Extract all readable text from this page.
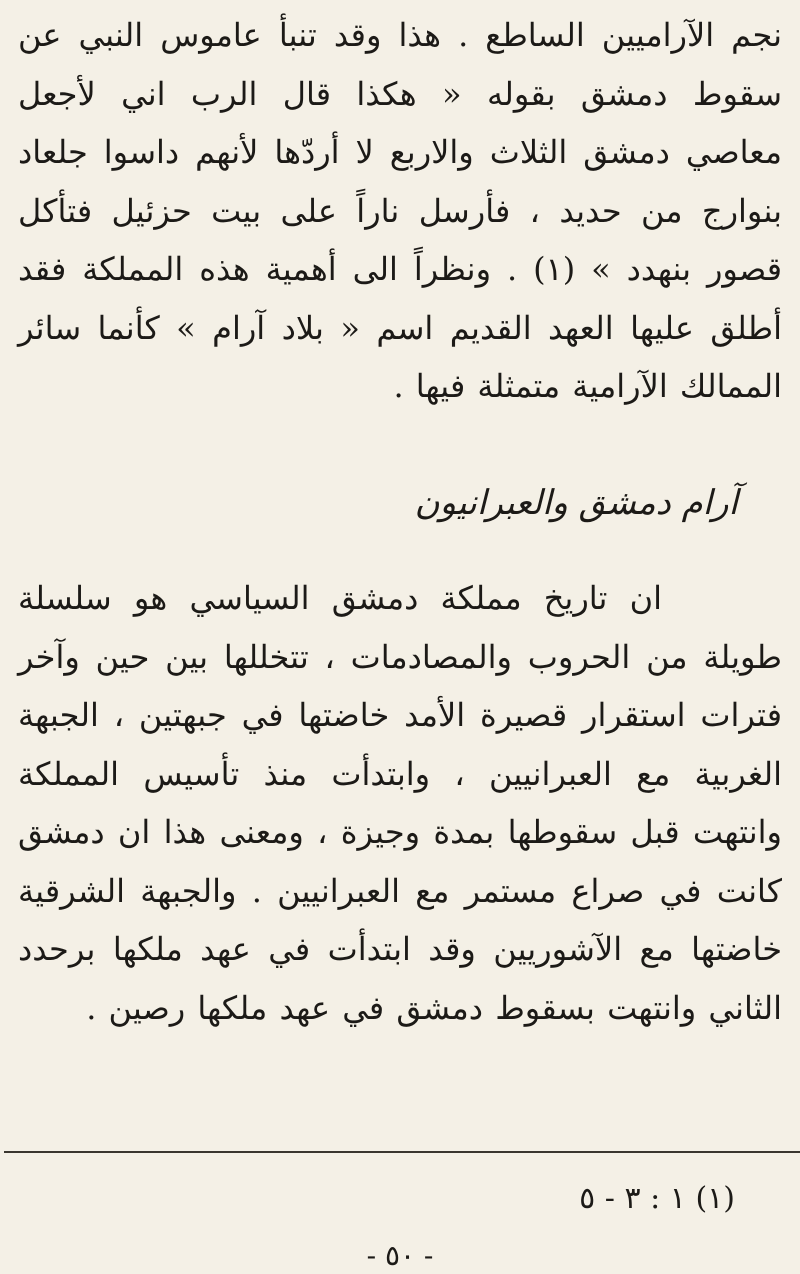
نجم الآراميين الساطع . هذا وقد تنبأ عاموس النبي عن سقوط دمشق بقوله « هكذا قال الرب اني لأجعل معاصي دمشق الثلاث والاربع لا أردّها لأنهم داسوا جلعاد بنوارج من حديد ، فأرسل ناراً على بيت حزئيل فتأكل قصور بنهدد » (١) . ونظراً الى أهمية هذه المملكة فقد أطلق عليها العهد القديم اسم « بلاد آرام » كأنما سائر الممالك الآرامية متمثلة فيها .

آرام دمشق والعبرانيون

ان تاريخ مملكة دمشق السياسي هو سلسلة طويلة من الحروب والمصادمات ، تتخللها بين حين وآخر فترات استقرار قصيرة الأمد خاضتها في جبهتين ، الجبهة الغربية مع العبرانيين ، وابتدأت منذ تأسيس المملكة وانتهت قبل سقوطها بمدة وجيزة ، ومعنى هذا ان دمشق كانت في صراع مستمر مع العبرانيين . والجبهة الشرقية خاضتها مع الآشوريين وقد ابتدأت في عهد ملكها برحدد الثاني وانتهت بسقوط دمشق في عهد ملكها رصين .

(١) ١ : ٣ - ٥

- ٥٠ -
